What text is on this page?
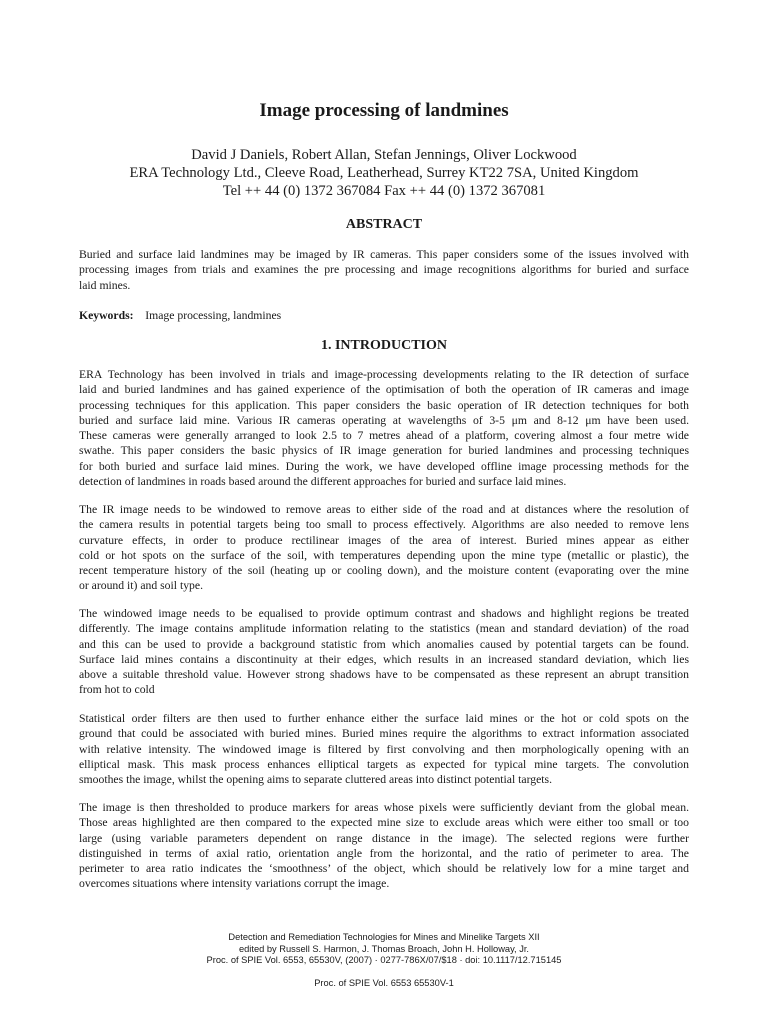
Image processing of landmines
David J Daniels, Robert Allan, Stefan Jennings, Oliver Lockwood
ERA Technology Ltd., Cleeve Road, Leatherhead, Surrey KT22 7SA, United Kingdom
Tel ++ 44 (0) 1372 367084 Fax ++ 44 (0) 1372 367081
ABSTRACT
Buried and surface laid landmines may be imaged by IR cameras. This paper considers some of the issues involved with
processing images from trials and examines the pre processing and image recognitions algorithms for buried and surface
laid mines.
Keywords: Image processing, landmines
1. INTRODUCTION
ERA Technology has been involved in trials and image-processing developments relating to the IR detection of surface
laid and buried landmines and has gained experience of the optimisation of both the operation of IR cameras and image
processing techniques for this application. This paper considers the basic operation of IR detection techniques for both
buried and surface laid mine. Various IR cameras operating at wavelengths of 3-5 μm and 8-12 μm have been used.
These cameras were generally arranged to look 2.5 to 7 metres ahead of a platform, covering almost a four metre wide
swathe. This paper considers the basic physics of IR image generation for buried landmines and processing techniques
for both buried and surface laid mines. During the work, we have developed offline image processing methods for the
detection of landmines in roads based around the different approaches for buried and surface laid mines.
The IR image needs to be windowed to remove areas to either side of the road and at distances where the resolution of
the camera results in potential targets being too small to process effectively. Algorithms are also needed to remove lens
curvature effects, in order to produce rectilinear images of the area of interest. Buried mines appear as either
cold or hot spots on the surface of the soil, with temperatures depending upon the mine type (metallic or plastic), the
recent temperature history of the soil (heating up or cooling down), and the moisture content (evaporating over the mine
or around it) and soil type.
The windowed image needs to be equalised to provide optimum contrast and shadows and highlight regions be treated
differently. The image contains amplitude information relating to the statistics (mean and standard deviation) of the road
and this can be used to provide a background statistic from which anomalies caused by potential targets can be found.
Surface laid mines contains a discontinuity at their edges, which results in an increased standard deviation, which lies
above a suitable threshold value. However strong shadows have to be compensated as these represent an abrupt transition
from hot to cold
Statistical order filters are then used to further enhance either the surface laid mines or the hot or cold spots on the
ground that could be associated with buried mines. Buried mines require the algorithms to extract information associated
with relative intensity. The windowed image is filtered by first convolving and then morphologically opening with an
elliptical mask. This mask process enhances elliptical targets as expected for typical mine targets. The convolution
smoothes the image, whilst the opening aims to separate cluttered areas into distinct potential targets.
The image is then thresholded to produce markers for areas whose pixels were sufficiently deviant from the global mean.
Those areas highlighted are then compared to the expected mine size to exclude areas which were either too small or too
large (using variable parameters dependent on range distance in the image). The selected regions were further
distinguished in terms of axial ratio, orientation angle from the horizontal, and the ratio of perimeter to area. The
perimeter to area ratio indicates the ‘smoothness’ of the object, which should be relatively low for a mine target and
overcomes situations where intensity variations corrupt the image.
Detection and Remediation Technologies for Mines and Minelike Targets XII
edited by Russell S. Harmon, J. Thomas Broach, John H. Holloway, Jr.
Proc. of SPIE Vol. 6553, 65530V, (2007) · 0277-786X/07/$18 · doi: 10.1117/12.715145
Proc. of SPIE Vol. 6553 65530V-1
